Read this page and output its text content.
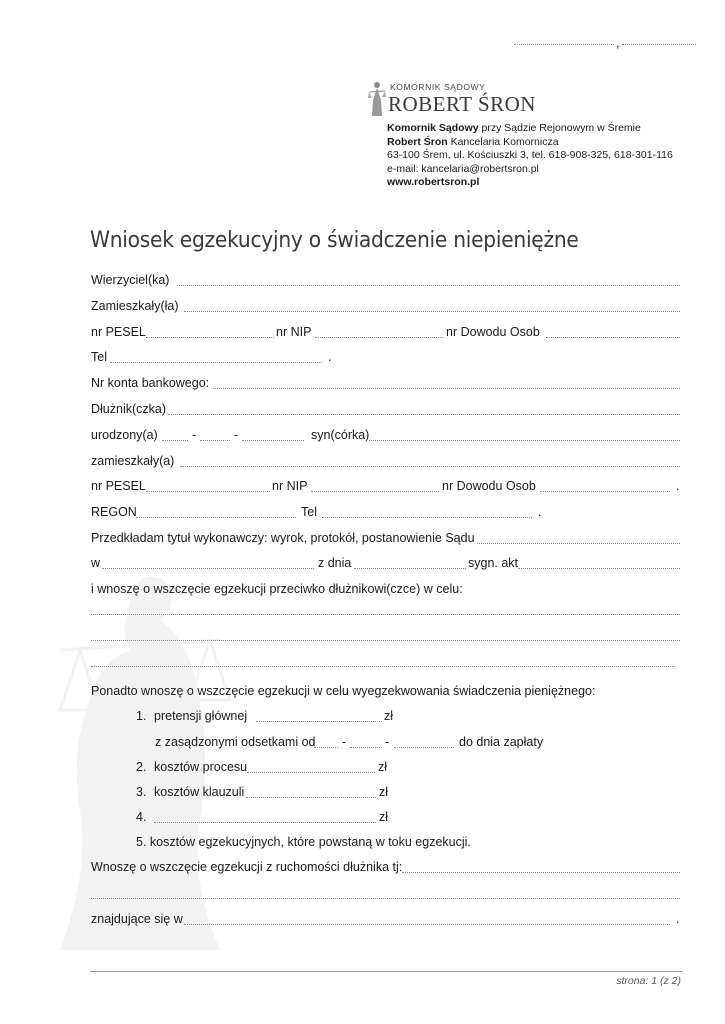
,
KOMORNIK SĄDOWY
ROBERT ŚRON
Komornik Sądowy przy Sądzie Rejonowym w Śremie
Robert Śron Kancelaria Komornicza
63-100 Śrem, ul. Kościuszki 3, tel. 618-908-325, 618-301-116
e-mail: kancelaria@robertsron.pl
www.robertsron.pl
Wniosek egzekucyjny o świadczenie niepieniężne
Wierzyciel(ka)
Zamieszkały(ła)
nr PESEL	nr NIP	nr Dowodu Osob
Tel	.
Nr konta bankowego:
Dłużnik(czka)
urodzony(a)	-	-	syn(córka)
zamieszkały(a)
nr PESEL	nr NIP	nr Dowodu Osob	.
REGON	Tel	.
Przedkładam tytuł wykonawczy: wyrok, protokół, postanowienie Sądu
w	z dnia	sygn. akt
i wnoszę o wszczęcie egzekucji przeciwko dłużnikowi(czce) w celu:
Ponadto wnoszę o wszczęcie egzekucji w celu wyegzekwowania świadczenia pieniężnego:
1. pretensji głównej	zł
z zasądzonymi odsetkami od -	-	do dnia zapłaty
2. kosztów procesu	zł
3. kosztów klauzuli	zł
4.	zł
5. kosztów egzekucyjnych, które powstaną w toku egzekucji.
Wnoszę o wszczęcie egzekucji z ruchomości dłużnika tj:
znajdujące się w	.
strona: 1 (z 2)
